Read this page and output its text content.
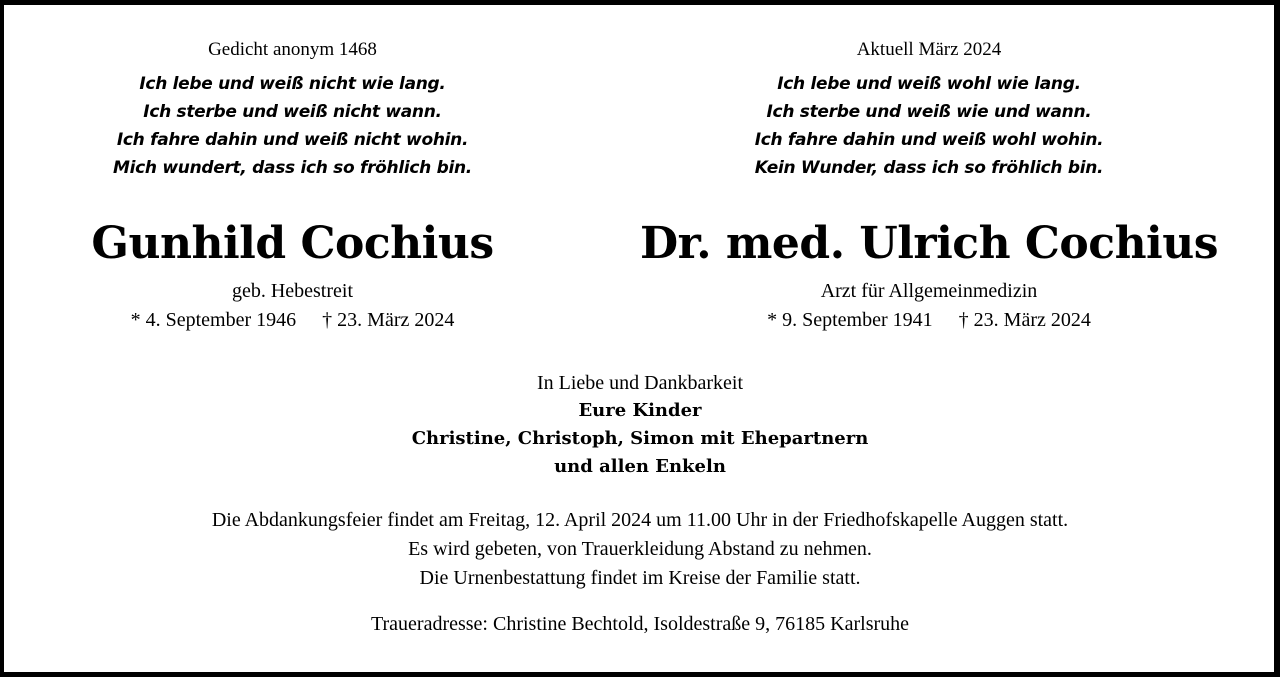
Gedicht anonym 1468
Ich lebe und weiß nicht wie lang.
Ich sterbe und weiß nicht wann.
Ich fahre dahin und weiß nicht wohin.
Mich wundert, dass ich so fröhlich bin.
Gunhild Cochius
geb. Hebestreit
* 4. September 1946 † 23. März 2024
Aktuell März 2024
Ich lebe und weiß wohl wie lang.
Ich sterbe und weiß wie und wann.
Ich fahre dahin und weiß wohl wohin.
Kein Wunder, dass ich so fröhlich bin.
Dr. med. Ulrich Cochius
Arzt für Allgemeinmedizin
* 9. September 1941 † 23. März 2024
In Liebe und Dankbarkeit
Eure Kinder
Christine, Christoph, Simon mit Ehepartnern
und allen Enkeln
Die Abdankungsfeier findet am Freitag, 12. April 2024 um 11.00 Uhr in der Friedhofskapelle Auggen statt.
Es wird gebeten, von Trauerkleidung Abstand zu nehmen.
Die Urnenbestattung findet im Kreise der Familie statt.
Traueradresse: Christine Bechtold, Isoldestraße 9, 76185 Karlsruhe
